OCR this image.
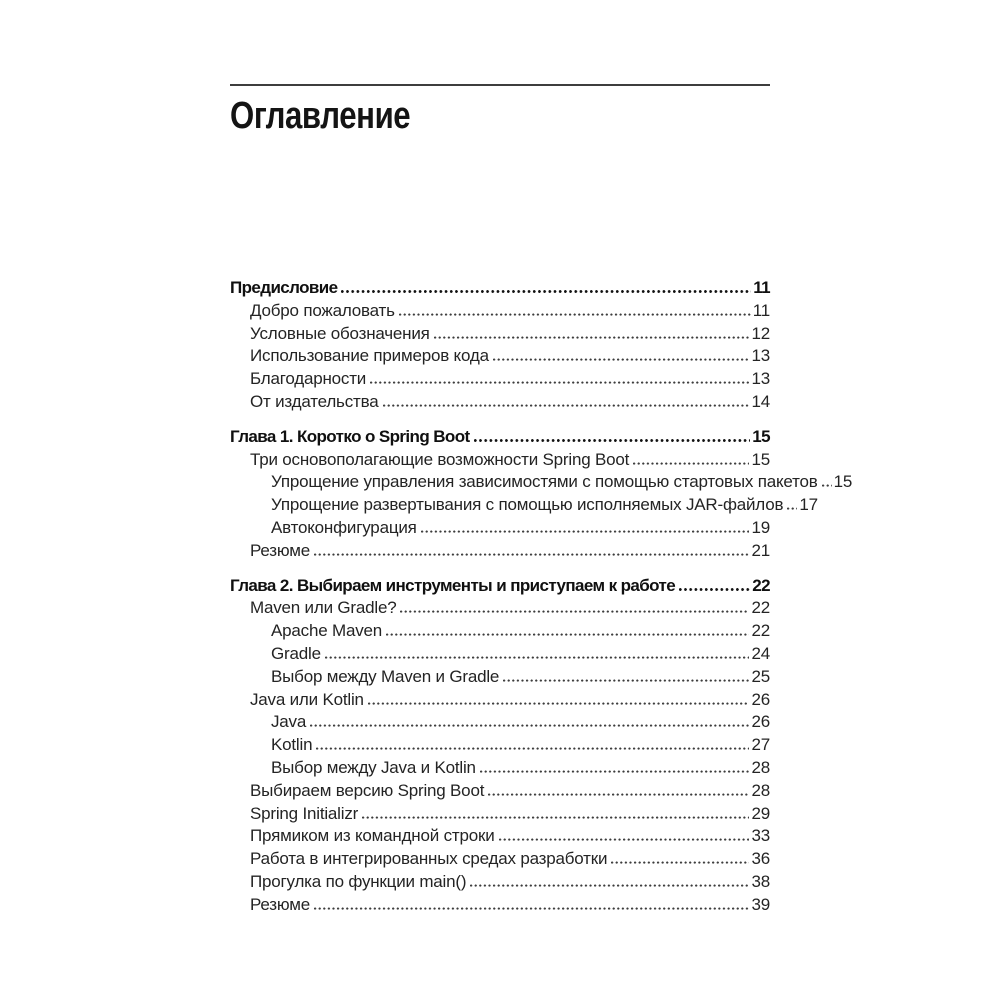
Оглавление
Предисловие	11
Добро пожаловать	11
Условные обозначения	12
Использование примеров кода	13
Благодарности	13
От издательства	14
Глава 1. Коротко о Spring Boot	15
Три основополагающие возможности Spring Boot	15
Упрощение управления зависимостями с помощью стартовых пакетов 15
Упрощение развертывания с помощью исполняемых JAR-файлов 17
Автоконфигурация	19
Резюме	21
Глава 2. Выбираем инструменты и приступаем к работе	22
Maven или Gradle?	22
Apache Maven	22
Gradle	24
Выбор между Maven и Gradle	25
Java или Kotlin	26
Java	26
Kotlin	27
Выбор между Java и Kotlin	28
Выбираем версию Spring Boot	28
Spring Initializr	29
Прямиком из командной строки	33
Работа в интегрированных средах разработки	36
Прогулка по функции main()	38
Резюме	39
